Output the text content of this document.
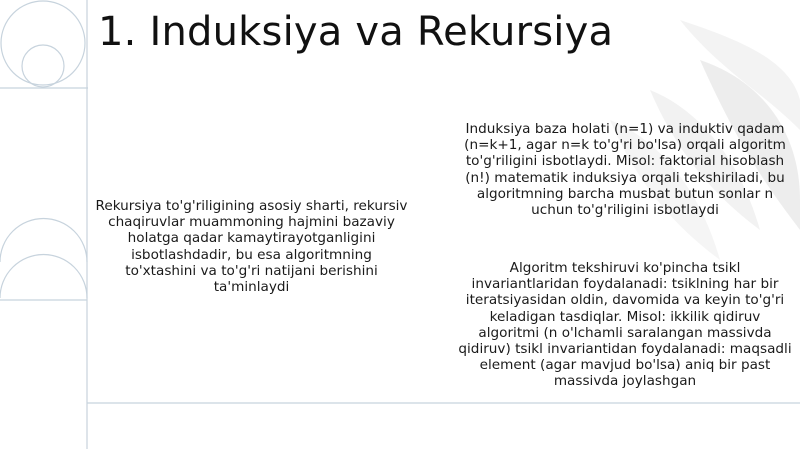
1. Induksiya va Rekursiya

Rekursiya to'g'riligining asosiy sharti, rekursiv chaqiruvlar muammoning hajmini bazaviy holatga qadar kamaytirayotganligini isbotlashdadir, bu esa algoritmning to'xtashini va to'g'ri natijani berishini ta'minlaydi

Induksiya baza holati (n=1) va induktiv qadam (n=k+1, agar n=k to'g'ri bo'lsa) orqali algoritm to'g'riligini isbotlaydi. Misol: faktorial hisoblash (n!) matematik induksiya orqali tekshiriladi, bu algoritmning barcha musbat butun sonlar n uchun to'g'riligini isbotlaydi

Algoritm tekshiruvi ko'pincha tsikl invariantlaridan foydalanadi: tsiklning har bir iteratsiyasidan oldin, davomida va keyin to'g'ri keladigan tasdiqlar. Misol: ikkilik qidiruv algoritmi (n o'lchamli saralangan massivda qidiruv) tsikl invariantidan foydalanadi: maqsadli element (agar mavjud bo'lsa) aniq bir past massivda joylashgan
